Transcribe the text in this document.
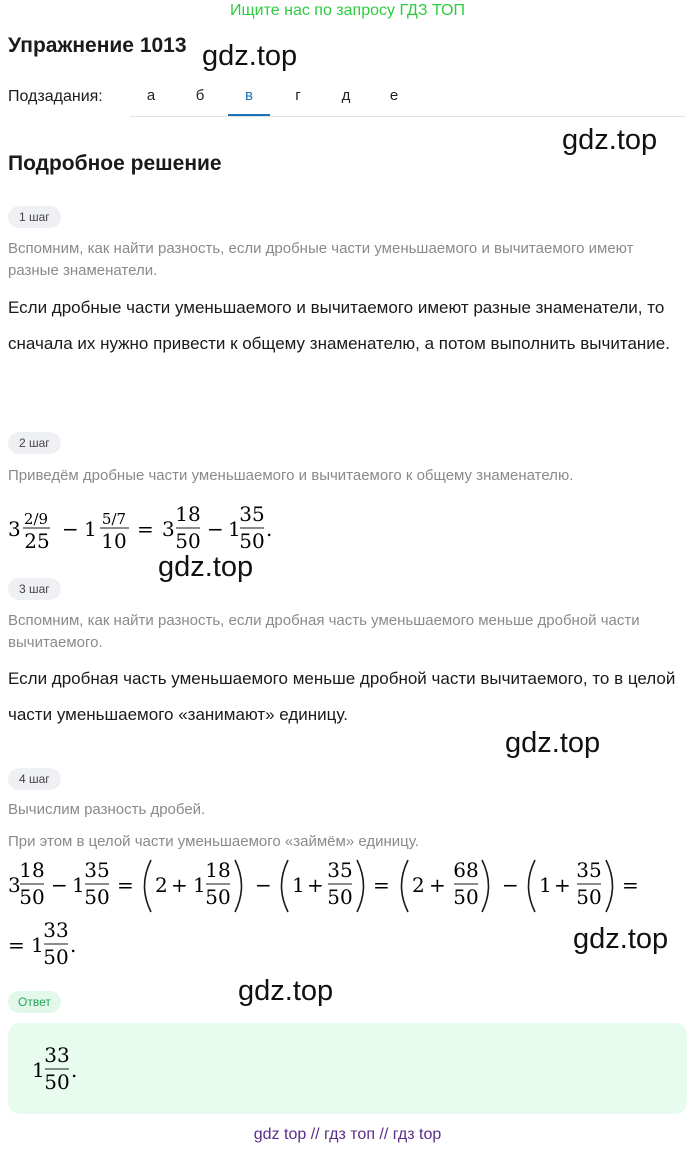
Ищите нас по запросу ГДЗ ТОП
Упражнение 1013 gdz.top
gdz.top
gdz.top
gdz.top
gdz.top
gdz.top
Подзадания:	а	б	в	г	д	е
Подробное решение
1 шаг
Вспомним, как найти разность, если дробные части уменьшаемого и вычитаемого имеют разные знаменатели.
Если дробные части уменьшаемого и вычитаемого имеют разные знаменатели, то сначала их нужно привести к общему знаменателю, а потом выполнить вычитание.
2 шаг
Приведём дробные части уменьшаемого и вычитаемого к общему знаменателю.
3 2/9
25 − 1 5/7
10 = 3
18
50 − 1
35
50 .
3 шаг
Вспомним, как найти разность, если дробная часть уменьшаемого меньше дробной части вычитаемого.
Если дробная часть уменьшаемого меньше дробной части вычитаемого, то в целой части уменьшаемого «занимают» единицу.
4 шаг
Вычислим разность дробей.
При этом в целой части уменьшаемого «займём» единицу.
3
18
50 − 1
35
50 = 2 + 1
18
50 − 1 +
35
50 = 2 +
68
50 − 1 +
35
50 =
= 1
33
50 .
Ответ
1
33
50 .
gdz top // гдз топ // гдз top
